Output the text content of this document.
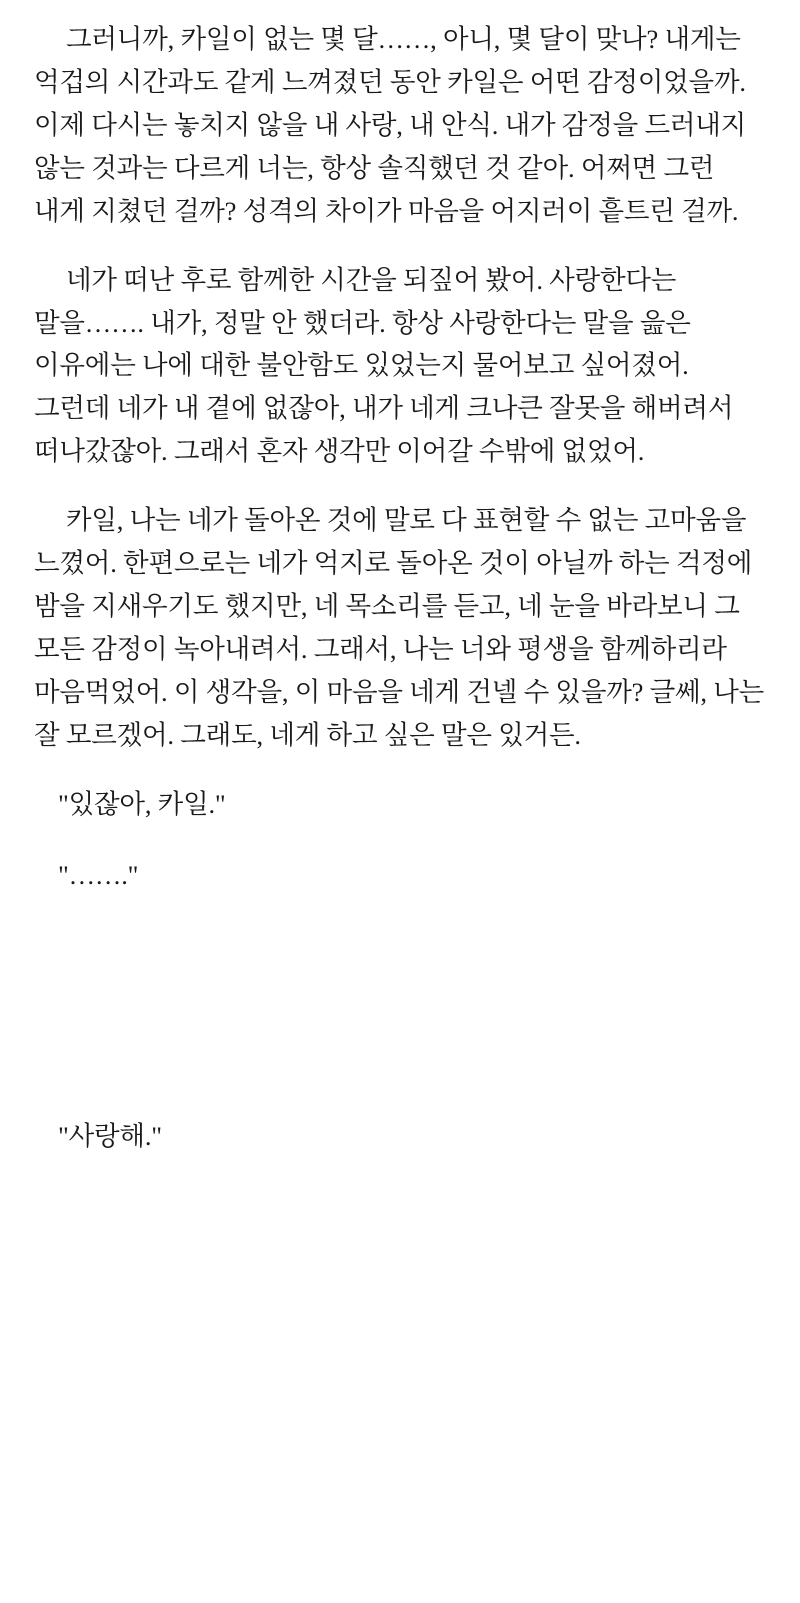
그러니까, 카일이 없는 몇 달……, 아니, 몇 달이 맞나? 내게는 억겁의 시간과도 같게 느껴졌던 동안 카일은 어떤 감정이었을까. 이제 다시는 놓치지 않을 내 사랑, 내 안식. 내가 감정을 드러내지 않는 것과는 다르게 너는, 항상 솔직했던 것 같아. 어쩌면 그런 내게 지쳤던 걸까? 성격의 차이가 마음을 어지러이 흩트린 걸까.

네가 떠난 후로 함께한 시간을 되짚어 봤어. 사랑한다는 말을……. 내가, 정말 안 했더라. 항상 사랑한다는 말을 읊은 이유에는 나에 대한 불안함도 있었는지 물어보고 싶어졌어. 그런데 네가 내 곁에 없잖아, 내가 네게 크나큰 잘못을 해버려서 떠나갔잖아. 그래서 혼자 생각만 이어갈 수밖에 없었어.

카일, 나는 네가 돌아온 것에 말로 다 표현할 수 없는 고마움을 느꼈어. 한편으로는 네가 억지로 돌아온 것이 아닐까 하는 걱정에 밤을 지새우기도 했지만, 네 목소리를 듣고, 네 눈을 바라보니 그 모든 감정이 녹아내려서. 그래서, 나는 너와 평생을 함께하리라 마음먹었어. 이 생각을, 이 마음을 네게 건넬 수 있을까? 글쎄, 나는 잘 모르겠어. 그래도, 네게 하고 싶은 말은 있거든.

"있잖아, 카일."

"……."

"사랑해."
